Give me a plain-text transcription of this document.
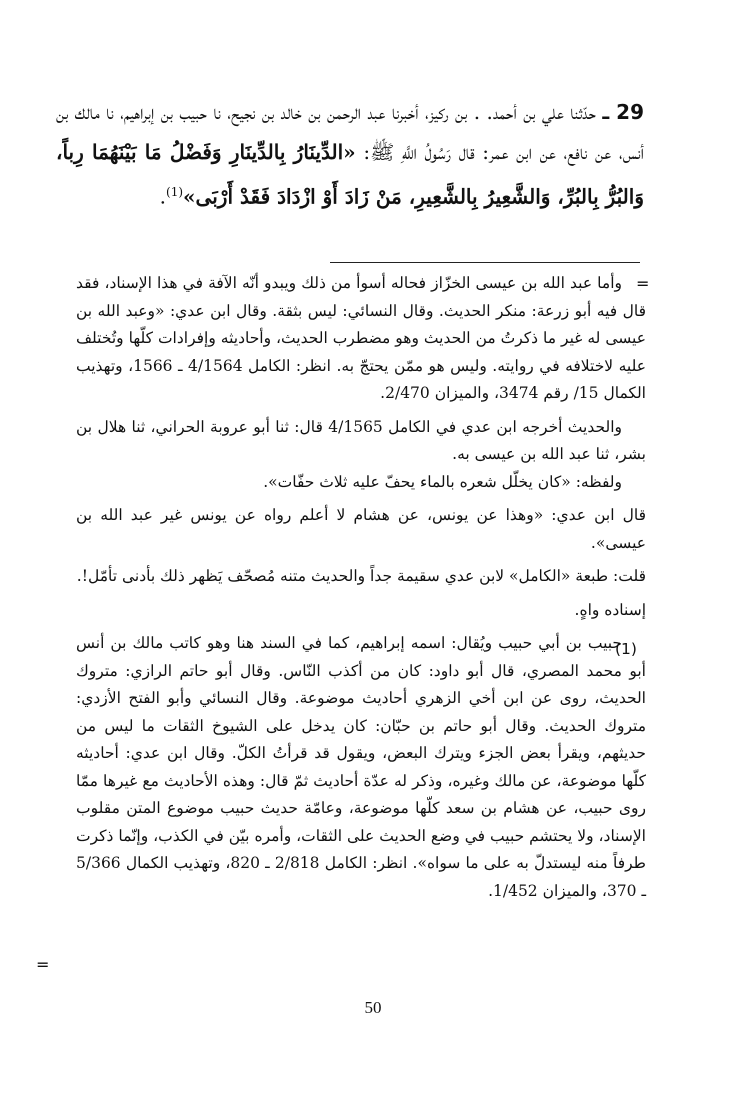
29 ـ حدّثنا علي بن أحمد. . بن ركيز، أخبرنا عبد الرحمن بن خالد بن نجيح، نا حبيب بن إبراهيم، نا مالك بن أنس، عن نافع، عن ابن عمر: قال رَسُولُ اللَّهِ ﷺ: «الدِّينَارُ بِالدِّينَارِ وَفَضْلُ مَا بَيْنَهُمَا رِباً، وَالبُرُّ بِالبُرِّ، وَالشَّعِيرُ بِالشَّعِيرِ، مَنْ زَادَ أَوْ ازْدَادَ فَقَدْ أَرْبَى»$^{(1)}$.
=

وأما عبد الله بن عيسى الخزّاز فحاله أسوأ من ذلك ويبدو أنّه الآفة في هذا الإسناد، فقد قال فيه أبو زرعة: منكر الحديث. وقال النسائي: ليس بثقة. وقال ابن عدي: «وعبد الله بن عيسى له غير ما ذكرتُ من الحديث وهو مضطرب الحديث، وأحاديثه وإفرادات كلّها وتُختلف عليه لاختلافه في روايته. وليس هو ممّن يحتجّ به. انظر: الكامل 4/1564 ـ 1566، وتهذيب الكمال 15/ رقم 3474، والميزان 2/470.

والحديث أخرجه ابن عدي في الكامل 4/1565 قال: ثنا أبو عروبة الحراني، ثنا هلال بن بشر، ثنا عبد الله بن عيسى به.

ولفظه: «كان يخلّل شعره بالماء يحفّ عليه ثلاث حفّات».

قال ابن عدي: «وهذا عن يونس، عن هشام لا أعلم رواه عن يونس غير عبد الله بن عيسى».

قلت: طبعة «الكامل» لابن عدي سقيمة جداً والحديث متنه مُصحّف يَظهر ذلك بأدنى تأمّل!.

إسناده واهٍ.

حبيب بن أبي حبيب ويُقال: اسمه إبراهيم، كما في السند هنا وهو كاتب مالك بن أنس أبو محمد المصري، قال أبو داود: كان من أكذب النّاس. وقال أبو حاتم الرازي: متروك الحديث، روى عن ابن أخي الزهري أحاديث موضوعة. وقال النسائي وأبو الفتح الأزدي: متروك الحديث. وقال أبو حاتم بن حبّان: كان يدخل على الشيوخ الثقات ما ليس من حديثهم، ويقرأ بعض الجزء ويترك البعض، ويقول قد قرأتُ الكلّ. وقال ابن عدي: أحاديثه كلّها موضوعة، عن مالك وغيره، وذكر له عدّة أحاديث ثمّ قال: وهذه الأحاديث مع غيرها ممّا روى حبيب، عن هشام بن سعد كلّها موضوعة، وعامّة حديث حبيب موضوع المتن مقلوب الإسناد، ولا يحتشم حبيب في وضع الحديث على الثقات، وأمره بيّن في الكذب، وإنّما ذكرت طرفاً منه ليستدلّ به على ما سواه». انظر: الكامل 2/818 ـ 820، وتهذيب الكمال 5/366 ـ 370، والميزان 1/452.

(1)
=
50
